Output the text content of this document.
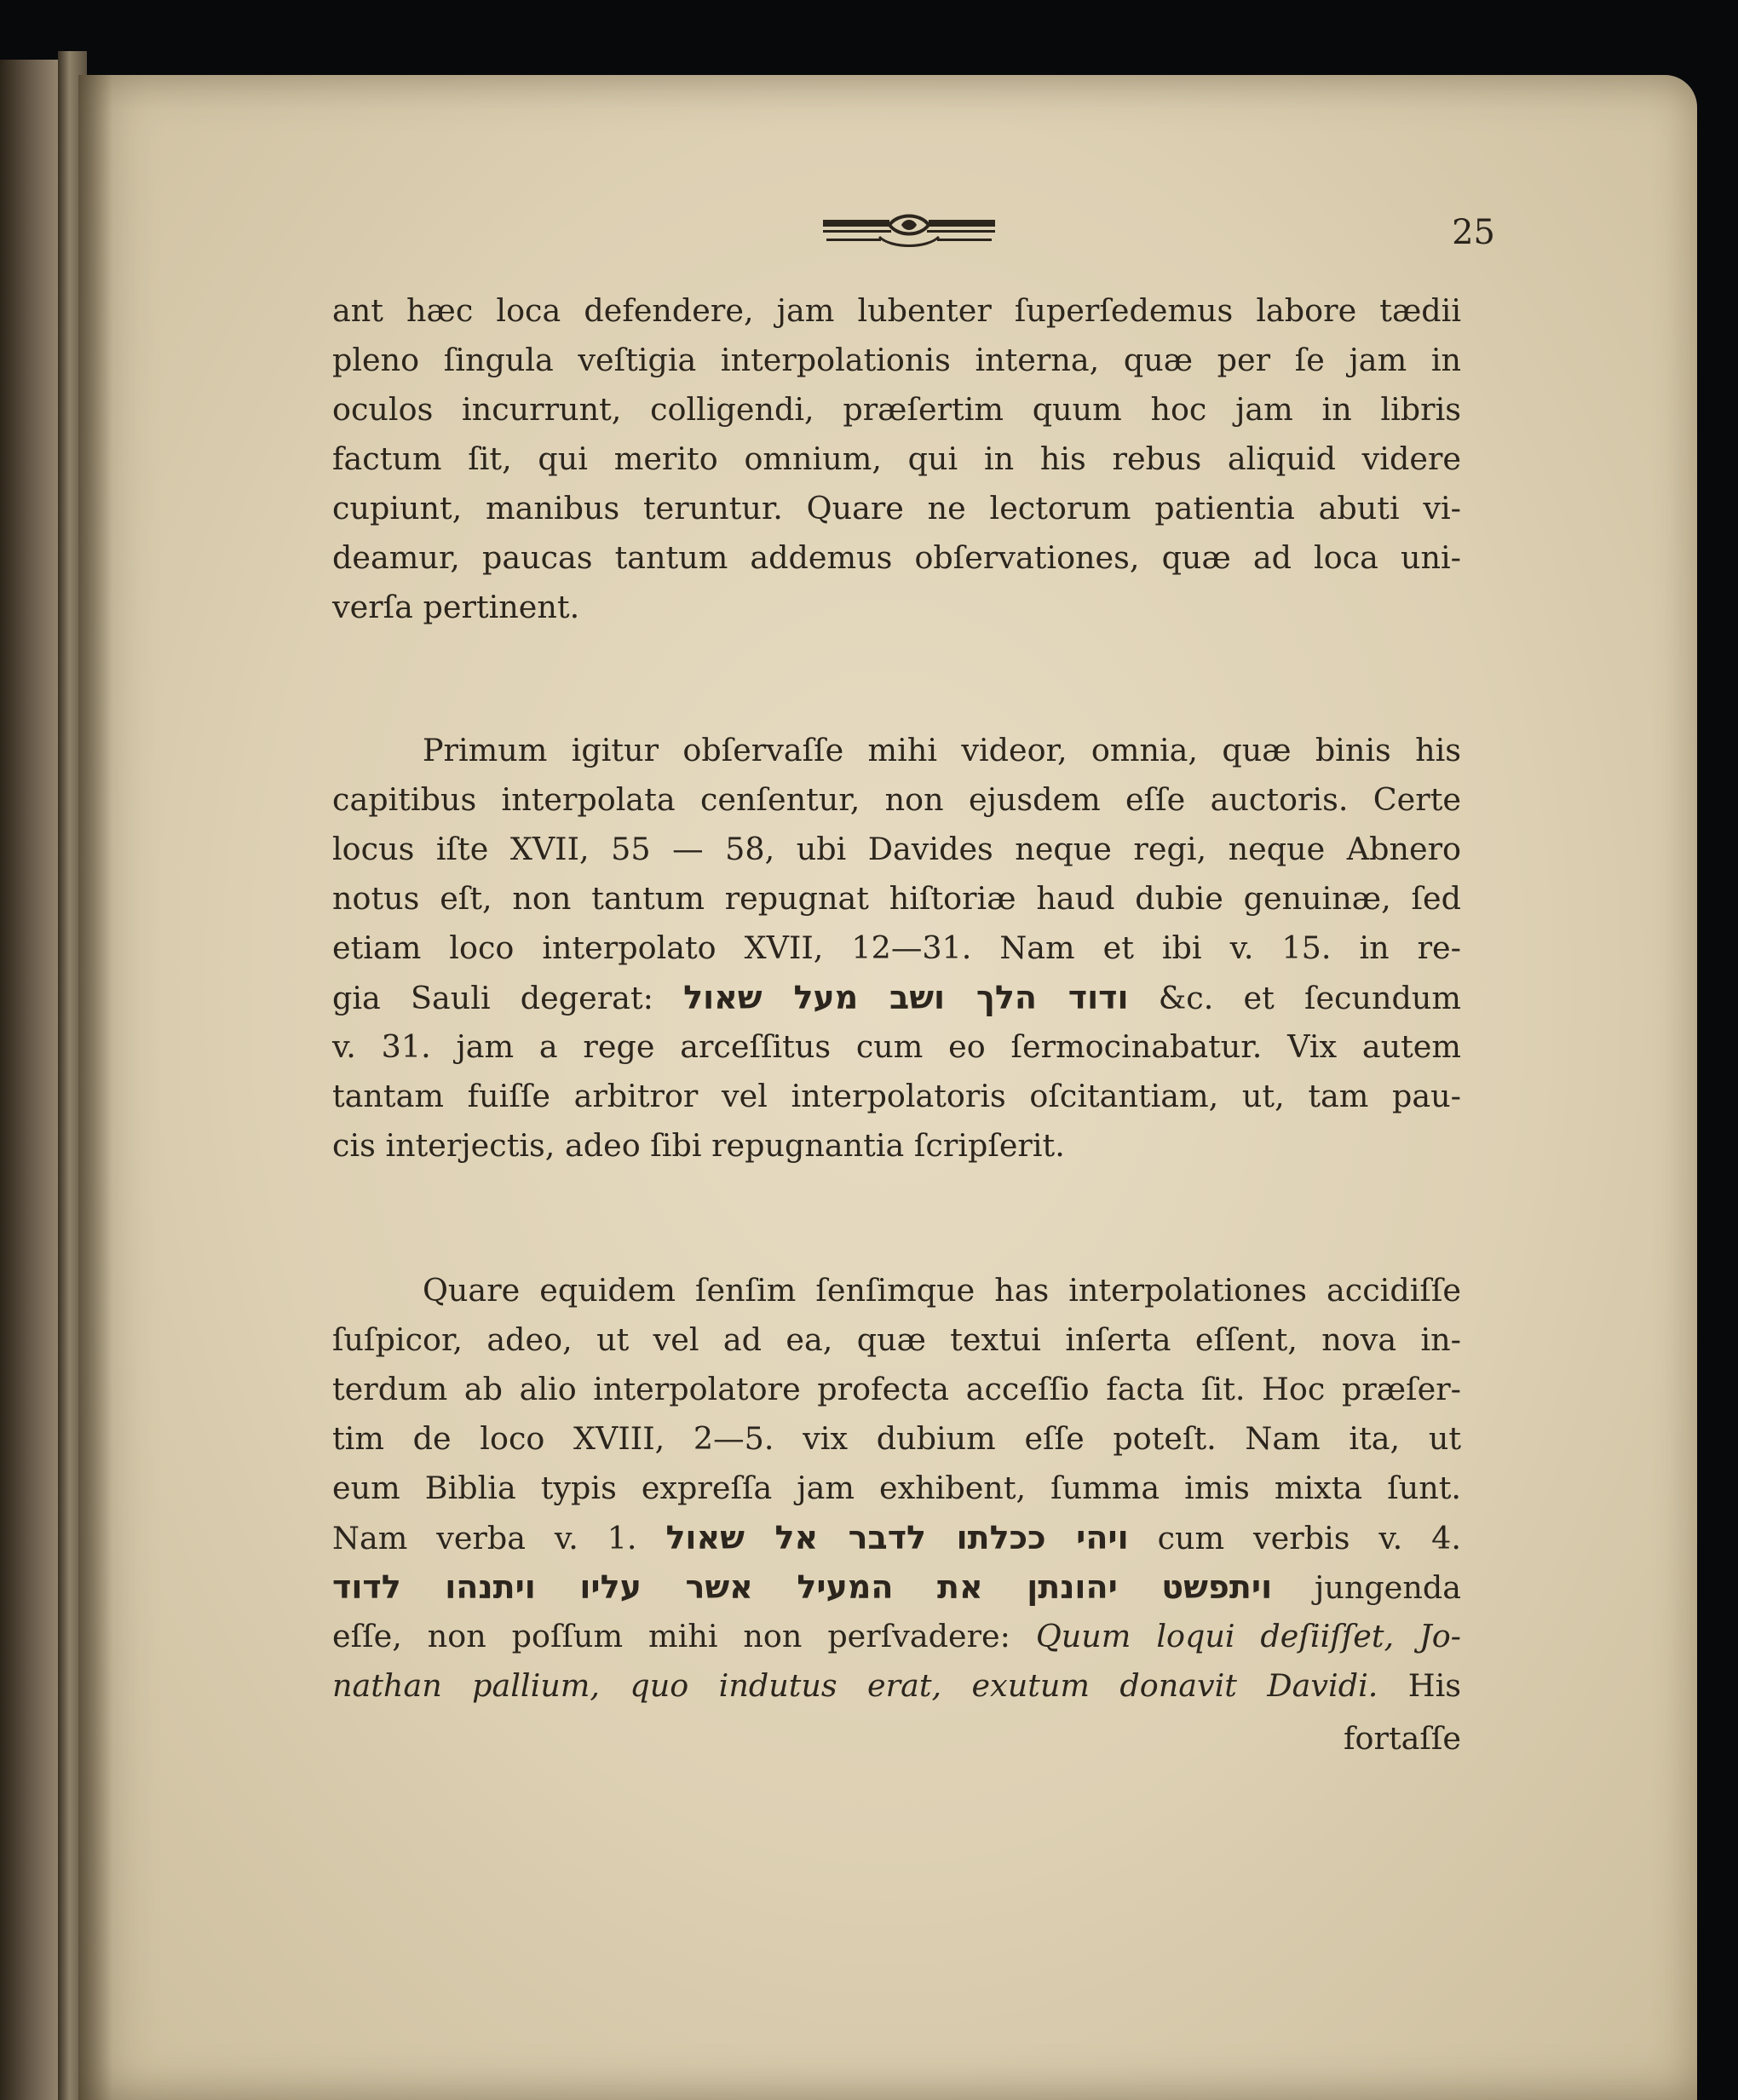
25
ant hæc loca defendere, jam lubenter ſuperſedemus labore tædii
pleno ſingula veſtigia interpolationis interna, quæ per ſe jam in
oculos incurrunt, colligendi, præſertim quum hoc jam in libris
factum ſit, qui merito omnium, qui in his rebus aliquid videre
cupiunt, manibus teruntur. Quare ne lectorum patientia abuti vi-
deamur, paucas tantum addemus obſervationes, quæ ad loca uni-
verſa pertinent.
Primum igitur obſervaſſe mihi videor, omnia, quæ binis his
capitibus interpolata cenſentur, non ejusdem eſſe auctoris. Certe
locus iſte XVII, 55 — 58, ubi Davides neque regi, neque Abnero
notus eſt, non tantum repugnat hiſtoriæ haud dubie genuinæ, ſed
etiam loco interpolato XVII, 12—31. Nam et ibi v. 15. in re-
gia Sauli degerat: ודוד הלך ושב מעל שאול &c. et ſecundum
v. 31. jam a rege arceſſitus cum eo ſermocinabatur. Vix autem
tantam fuiſſe arbitror vel interpolatoris oſcitantiam, ut, tam pau-
cis interjectis, adeo ſibi repugnantia ſcripſerit.
Quare equidem ſenſim ſenſimque has interpolationes accidiſſe
ſuſpicor, adeo, ut vel ad ea, quæ textui inſerta eſſent, nova in-
terdum ab alio interpolatore profecta acceſſio facta ſit. Hoc præſer-
tim de loco XVIII, 2—5. vix dubium eſſe poteſt. Nam ita, ut
eum Biblia typis expreſſa jam exhibent, ſumma imis mixta ſunt.
Nam verba v. 1. ויהי ככלתו לדבר אל שאול cum verbis v. 4.
ויתפשט יהונתן את המעיל אשר עליו ויתנהו לדוד jungenda
eſſe, non poſſum mihi non perſvadere: Quum loqui deſiiſſet, Jo-
nathan pallium, quo indutus erat, exutum donavit Davidi. His
fortaſſe
